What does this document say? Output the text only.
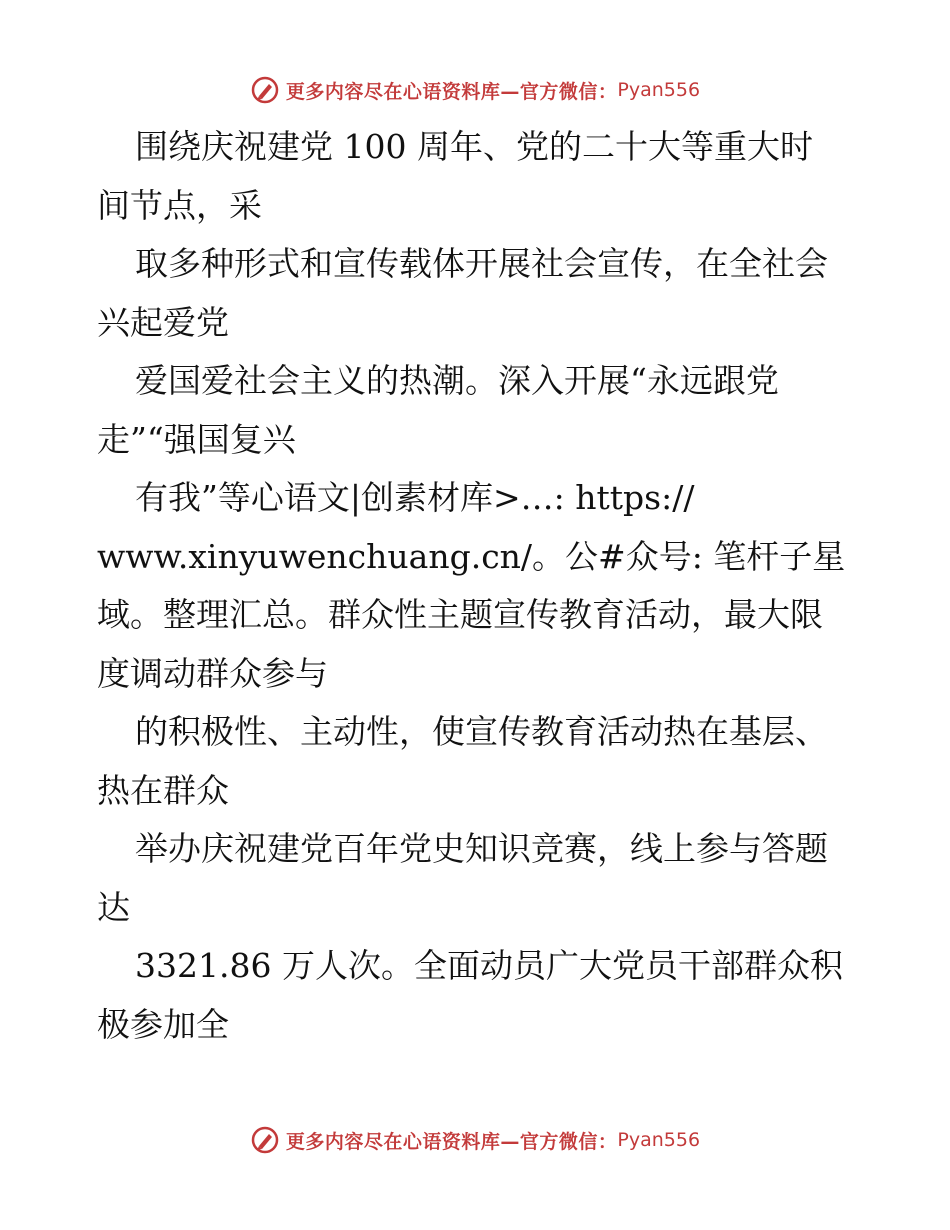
更多内容尽在心语资料库—官方微信： Pyan556
围绕庆祝建党 100 周年、党的二十大等重大时
间节点，采
取多种形式和宣传载体开展社会宣传，在全社会
兴起爱党
爱国爱社会主义的热潮。深入开展“永远跟党
走”“强国复兴
有我”等心语文|创素材库>…: https://
www.xinyuwenchuang.cn/。公#众号: 笔杆子星
域。整理汇总。群众性主题宣传教育活动，最大限
度调动群众参与
的积极性、主动性，使宣传教育活动热在基层、
热在群众
举办庆祝建党百年党史知识竞赛，线上参与答题
达
3321.86 万人次。全面动员广大党员干部群众积
极参加全
更多内容尽在心语资料库—官方微信： Pyan556
